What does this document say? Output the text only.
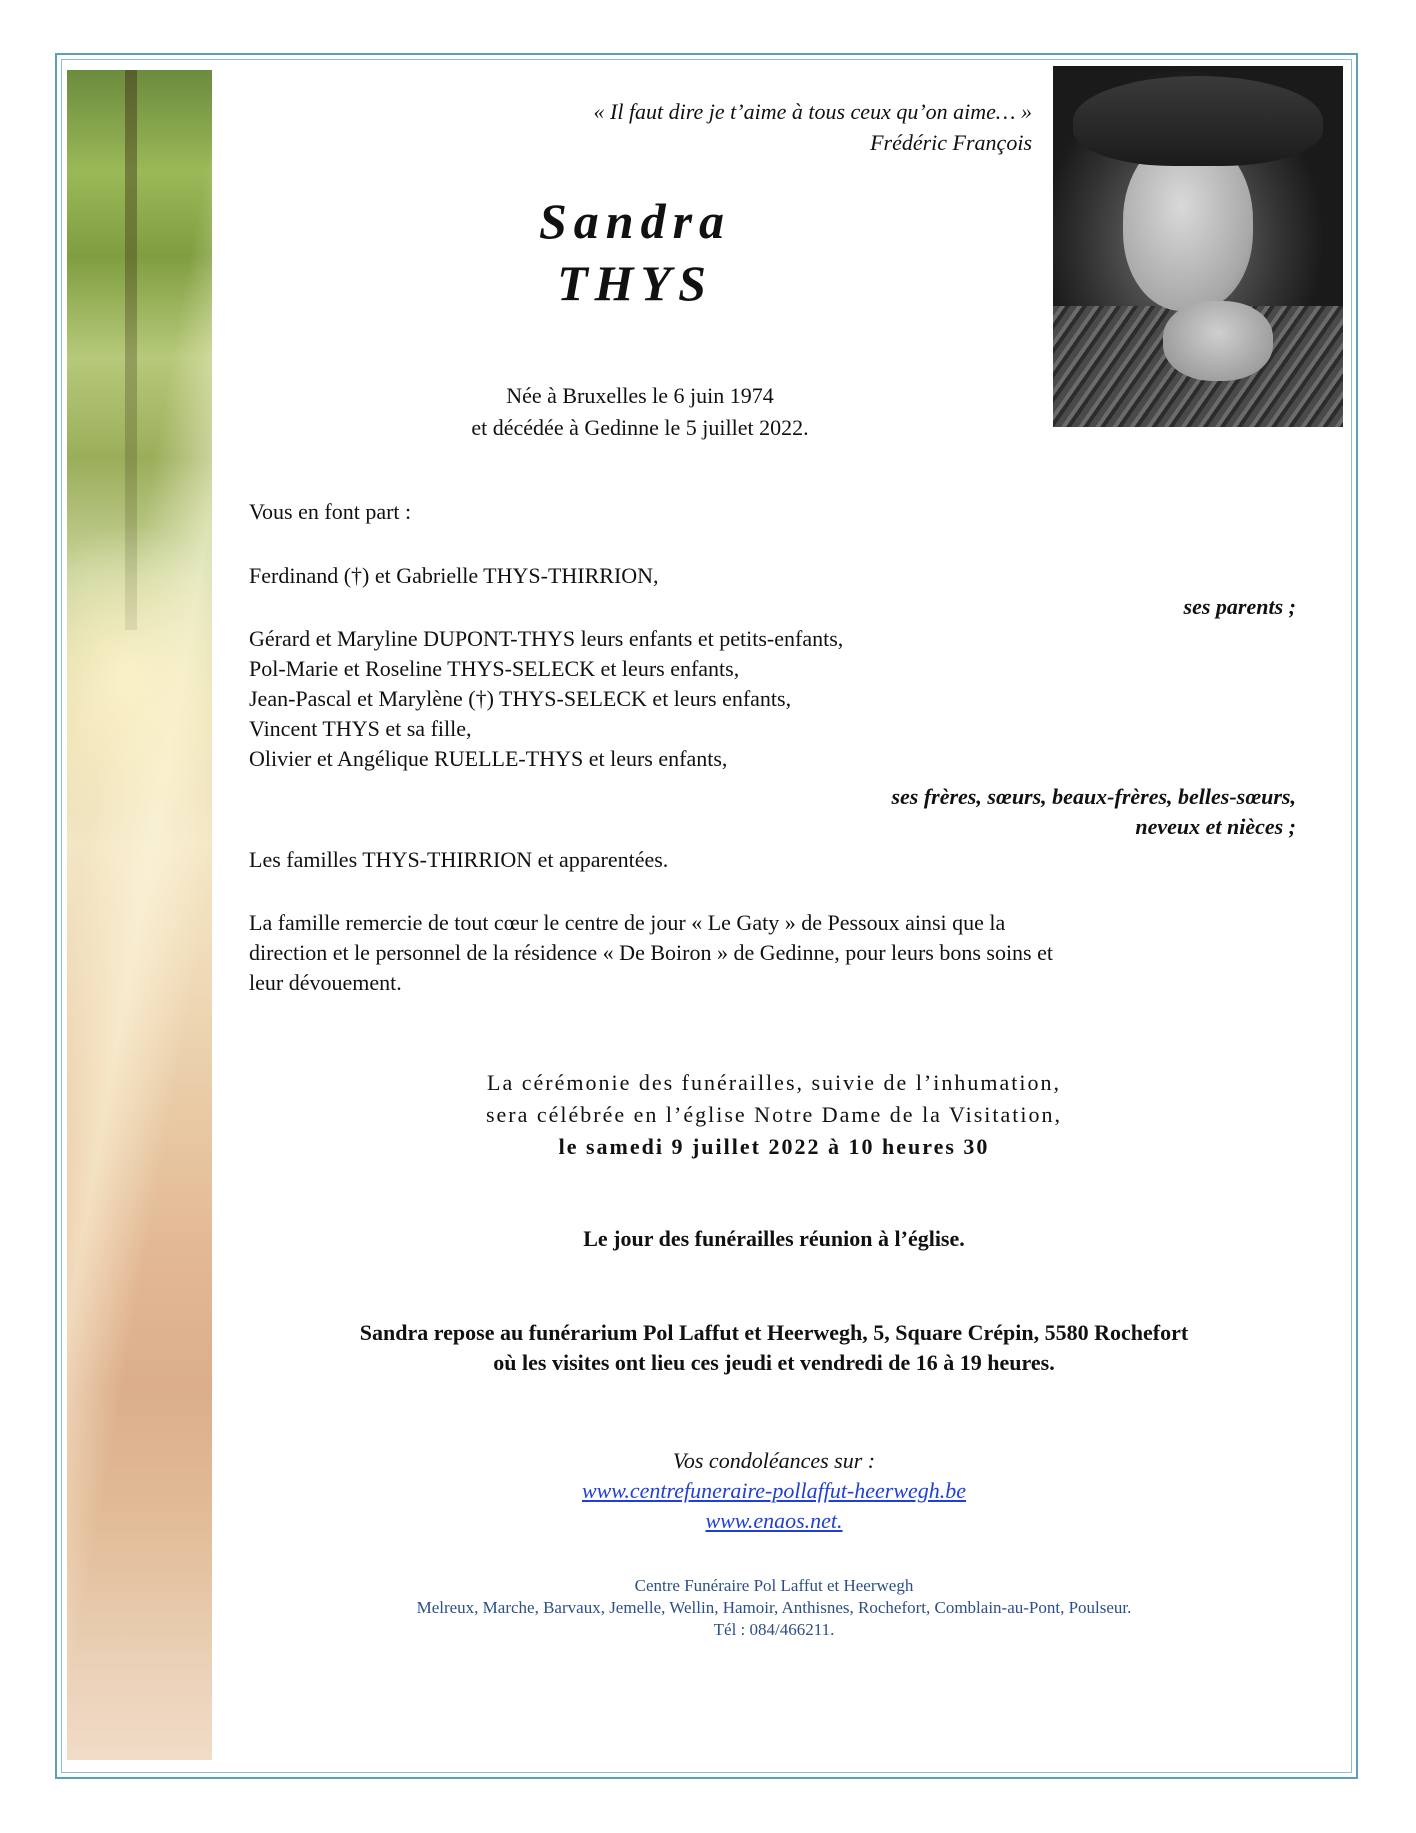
« Il faut dire je t’aime à tous ceux qu’on aime… »
Frédéric François
Sandra
THYS
Née à Bruxelles le 6 juin 1974
et décédée à Gedinne le 5 juillet 2022.
Vous en font part :
Ferdinand (†) et Gabrielle THYS-THIRRION,
ses parents ;
Gérard et Maryline DUPONT-THYS leurs enfants et petits-enfants,
Pol-Marie et Roseline THYS-SELECK et leurs enfants,
Jean-Pascal et Marylène (†) THYS-SELECK et leurs enfants,
Vincent THYS et sa fille,
Olivier et Angélique RUELLE-THYS et leurs enfants,
ses frères, sœurs, beaux-frères, belles-sœurs,
neveux et nièces ;
Les familles THYS-THIRRION et apparentées.
La famille remercie de tout cœur le centre de jour « Le Gaty » de Pessoux ainsi que la
direction et le personnel de la résidence « De Boiron » de Gedinne, pour leurs bons soins et
leur dévouement.
La cérémonie des funérailles, suivie de l’inhumation,
sera célébrée en l’église Notre Dame de la Visitation,
le samedi 9 juillet 2022 à 10 heures 30
Le jour des funérailles réunion à l’église.
Sandra repose au funérarium Pol Laffut et Heerwegh, 5, Square Crépin, 5580 Rochefort
où les visites ont lieu ces jeudi et vendredi de 16 à 19 heures.
Vos condoléances sur :
www.centrefuneraire-pollaffut-heerwegh.be
www.enaos.net.
Centre Funéraire Pol Laffut et Heerwegh
Melreux, Marche, Barvaux, Jemelle, Wellin, Hamoir, Anthisnes, Rochefort, Comblain-au-Pont, Poulseur.
Tél : 084/466211.
